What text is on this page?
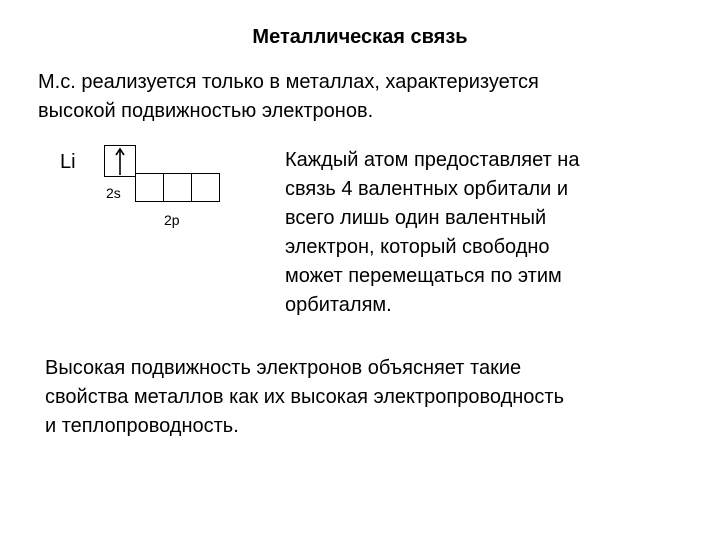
Металлическая связь
М.с. реализуется только в металлах, характеризуется
высокой подвижностью электронов.
Li
2s
2p
Каждый атом предоставляет на
связь 4 валентных орбитали и
всего лишь один валентный
электрон, который свободно
может перемещаться по этим
орбиталям.
Высокая подвижность электронов объясняет такие
свойства металлов как их высокая электропроводность
и теплопроводность.
